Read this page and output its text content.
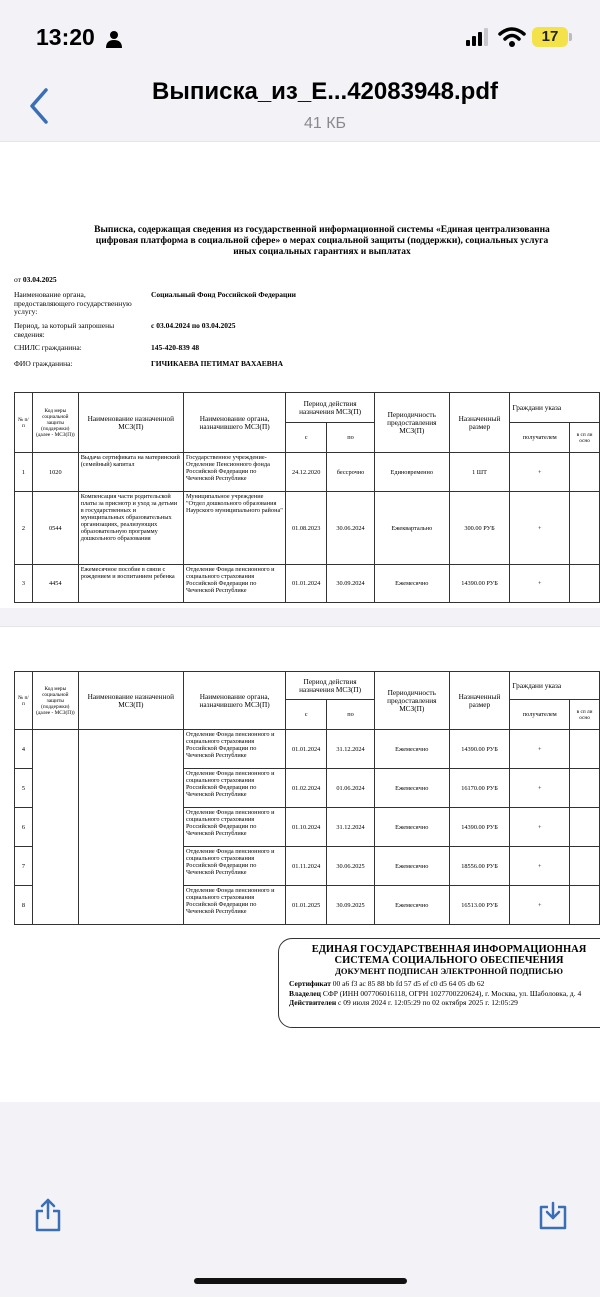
13:20	17
Выписка_из_Е...42083948.pdf
41 КБ
Выписка, содержащая сведения из государственной информационной системы «Единая централизованна
цифровая платформа в социальной сфере» о мерах социальной защиты (поддержки), социальных услуга
иных социальных гарантиях и выплатах
от 03.04.2025
Наименование органа, предоставляющего государственную услугу:
Социальный Фонд Российской Федерации
Период, за который запрошены сведения:
с 03.04.2024 по 03.04.2025
СНИЛС гражданина:	145-420-839 48
ФИО гражданина:	ГИЧИКАЕВА ПЕТИМАТ ВАХАЕВНА
№ п/п	Код меры социальной защиты (поддержки) (далее - МСЗ(П))	Наименование назначенной МСЗ(П)	Наименование органа, назначившего МСЗ(П)	Период действия назначения МСЗ(П)		Периодичность предоставления МСЗ(П)	Назначенный размер	Граждани указа	
				с	по			получателем	в сп ли осно
1	1020	Выдача сертификата на материнский (семейный) капитал	Государственное учреждение-Отделение Пенсионного фонда Российской Федерации по Чеченской Республике	24.12.2020	бессрочно	Единовременно	1 ШТ	+	
2	0544	Компенсация части родительской платы за присмотр и уход за детьми в государственных и муниципальных образовательных организациях, реализующих образовательную программу дошкольного образования	Муниципальное учреждение "Отдел дошкольного образования Наурского муниципального района"	01.08.2023	30.06.2024	Ежеквартально	300.00 РУБ	+	
3	4454	Ежемесячное пособие в связи с рождением и воспитанием ребенка	Отделение Фонда пенсионного и социального страхования Российской Федерации по Чеченской Республике	01.01.2024	30.09.2024	Ежемесячно	14390.00 РУБ	+	
№ п/п	Код меры социальной защиты (поддержки) (далее - МСЗ(П))	Наименование назначенной МСЗ(П)	Наименование органа, назначившего МСЗ(П)	Период действия назначения МСЗ(П)		Периодичность предоставления МСЗ(П)	Назначенный размер	Граждани указа	
				с	по			получателем	в сп ли осно
4			Отделение Фонда пенсионного и социального страхования Российской Федерации по Чеченской Республике	01.01.2024	31.12.2024	Ежемесячно	14390.00 РУБ	+	
5			Отделение Фонда пенсионного и социального страхования Российской Федерации по Чеченской Республике	01.02.2024	01.06.2024	Ежемесячно	16170.00 РУБ	+	
6			Отделение Фонда пенсионного и социального страхования Российской Федерации по Чеченской Республике	01.10.2024	31.12.2024	Ежемесячно	14390.00 РУБ	+	
7			Отделение Фонда пенсионного и социального страхования Российской Федерации по Чеченской Республике	01.11.2024	30.06.2025	Ежемесячно	18556.00 РУБ	+	
8			Отделение Фонда пенсионного и социального страхования Российской Федерации по Чеченской Республике	01.01.2025	30.09.2025	Ежемесячно	16513.00 РУБ	+	
ЕДИНАЯ ГОСУДАРСТВЕННАЯ ИНФОРМАЦИОННАЯ
СИСТЕМА СОЦИАЛЬНОГО ОБЕСПЕЧЕНИЯ
ДОКУМЕНТ ПОДПИСАН ЭЛЕКТРОННОЙ ПОДПИСЬЮ
Сертификат 00 a6 f3 ac 85 88 bb fd 57 d5 ef c0 d5 64 05 db 62
Владелец СФР (ИНН 007706016118, ОГРН 1027700220624), г. Москва, ул. Шаболовка, д. 4
Действителен с 09 июля 2024 г. 12:05:29 по 02 октября 2025 г. 12:05:29
